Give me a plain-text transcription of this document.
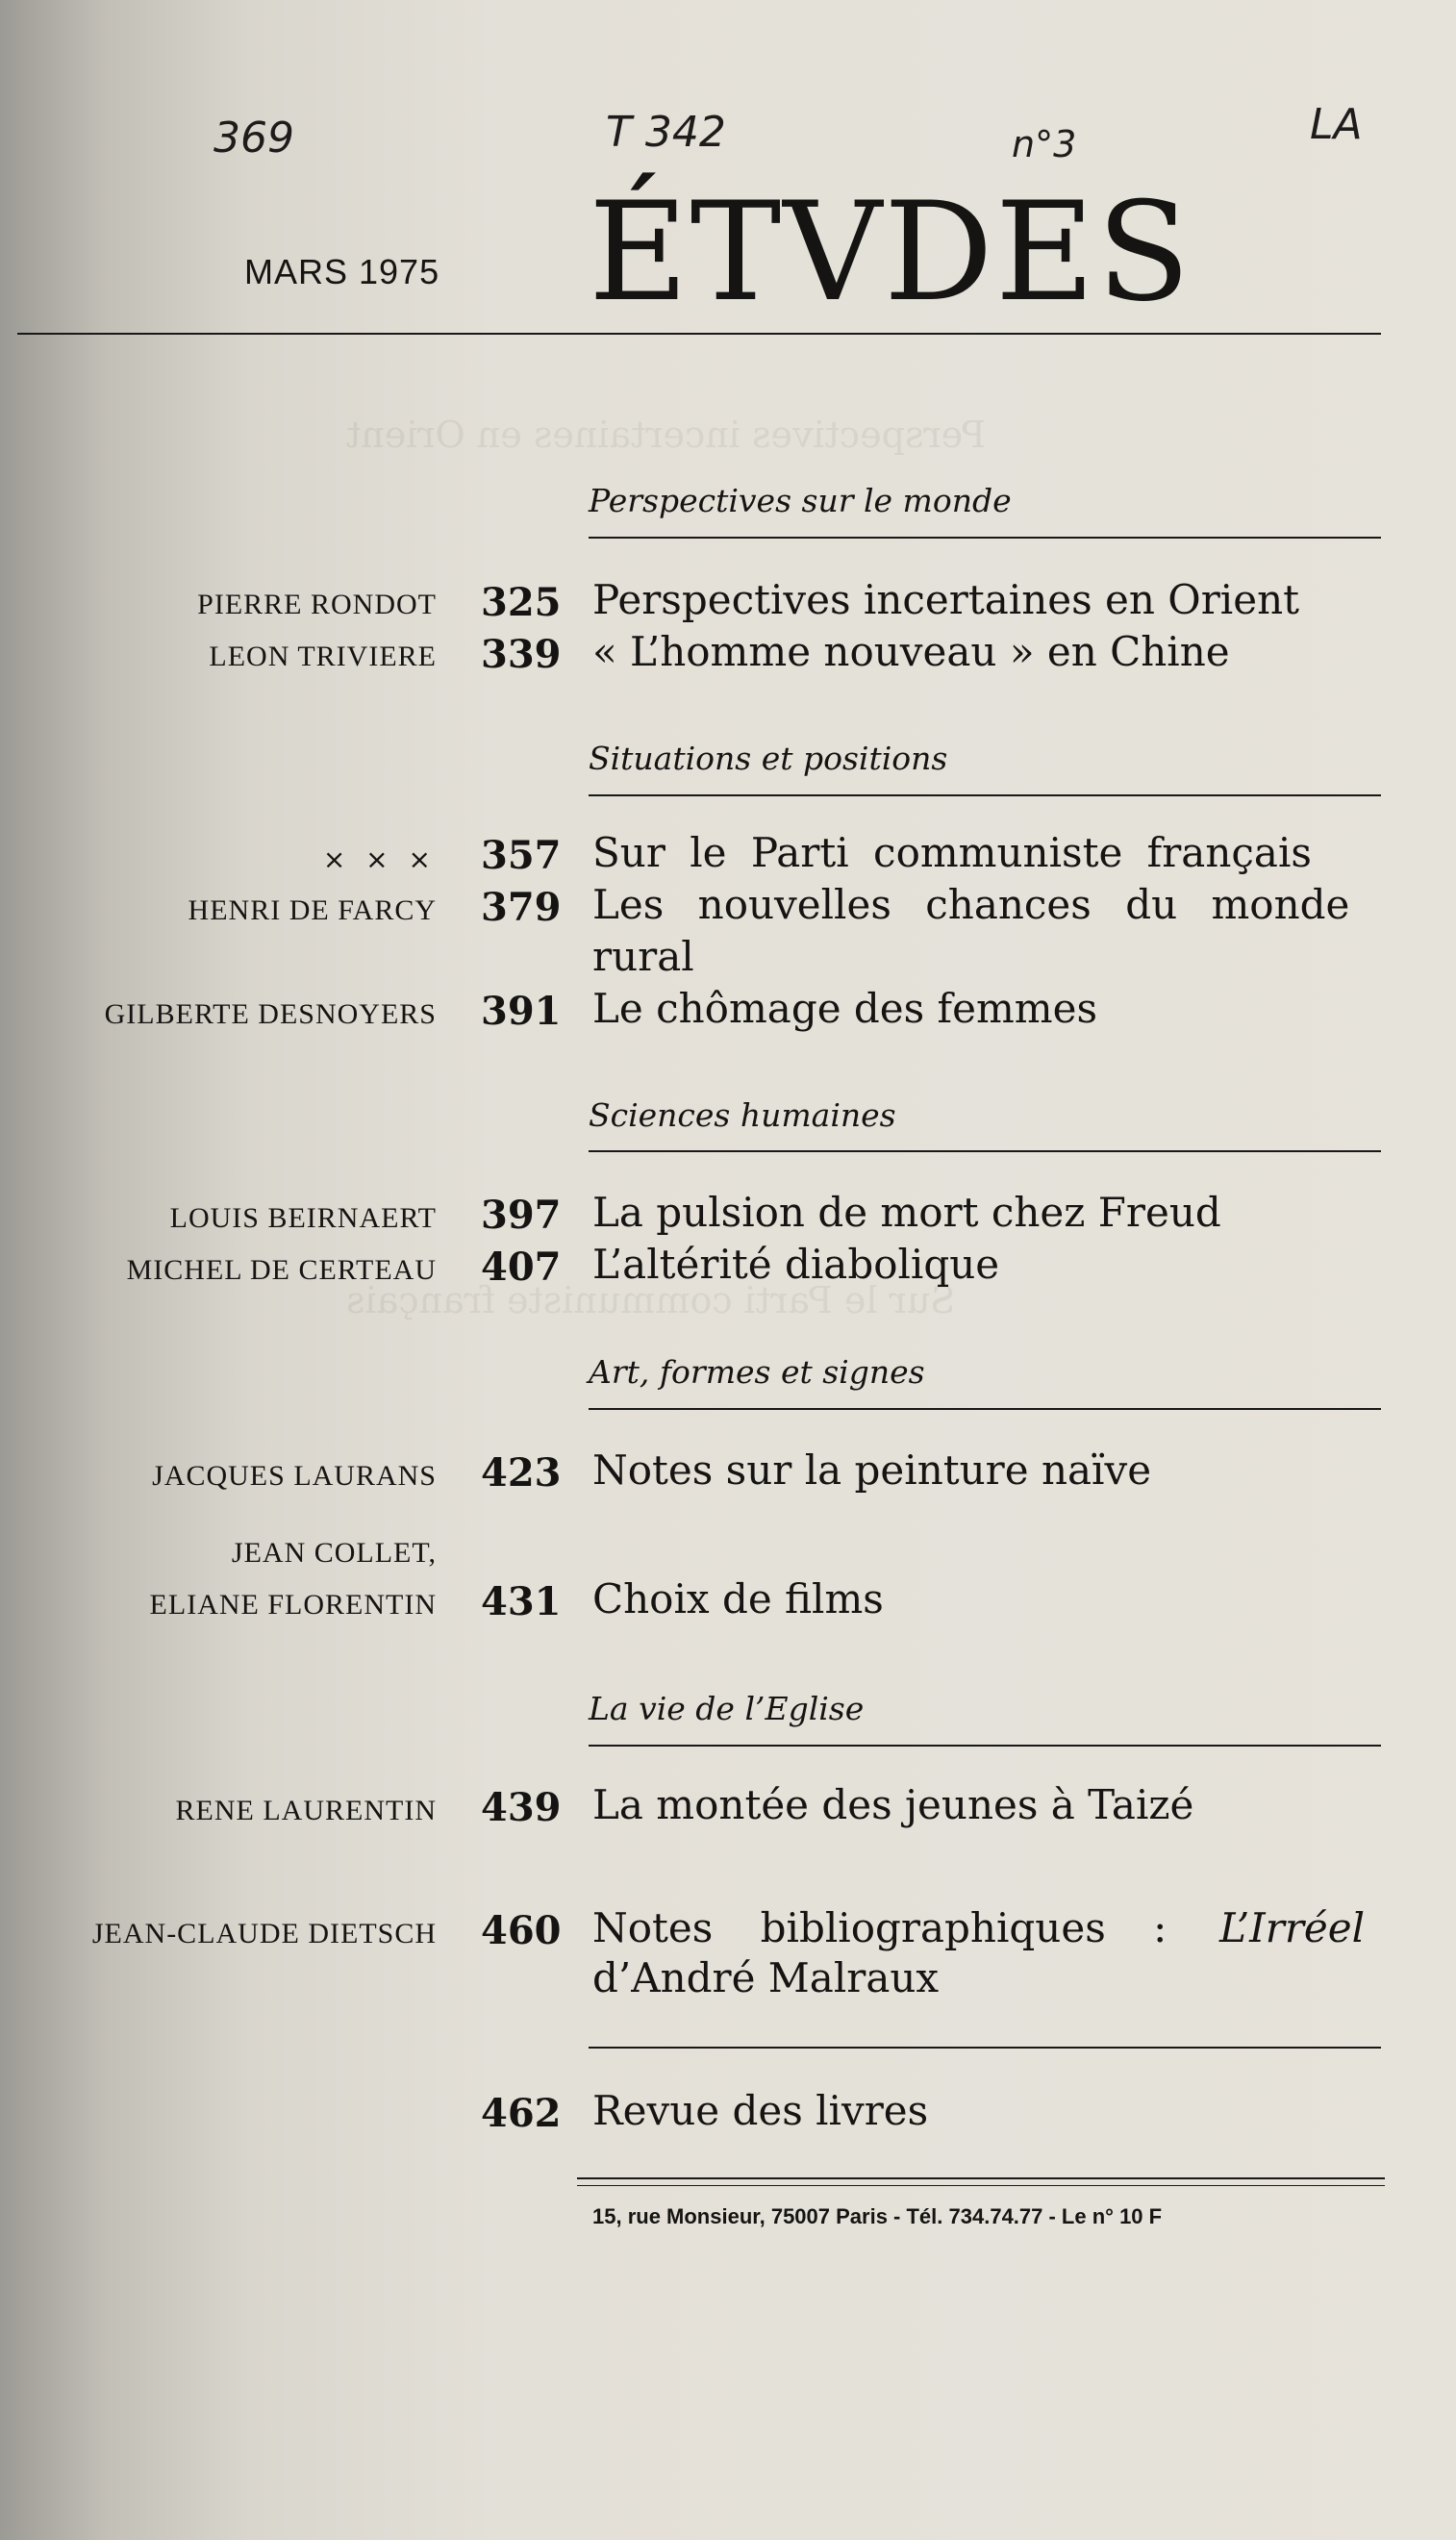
Perspectives incertaines en Orient
Sur le Parti communiste français
369	T 342	n°3	LA
MARS 1975 ÉTVDES
Perspectives sur le monde
PIERRE RONDOT 325 Perspectives incertaines en Orient
LEON TRIVIERE 339 « L’homme nouveau » en Chine
Situations et positions
× × × 357 Sur le Parti communiste français
HENRI DE FARCY 379 Les nouvelles chances du monde
rural
GILBERTE DESNOYERS 391 Le chômage des femmes
Sciences humaines
LOUIS BEIRNAERT 397 La pulsion de mort chez Freud
MICHEL DE CERTEAU 407 L’altérité diabolique
Art, formes et signes
JACQUES LAURANS 423 Notes sur la peinture naïve
JEAN COLLET,
ELIANE FLORENTIN 431 Choix de films
La vie de l’Eglise
RENE LAURENTIN 439 La montée des jeunes à Taizé
JEAN-CLAUDE DIETSCH 460 Notes bibliographiques : L’Irréel
d’André Malraux
462 Revue des livres
15, rue Monsieur, 75007 Paris - Tél. 734.74.77 - Le n° 10 F
